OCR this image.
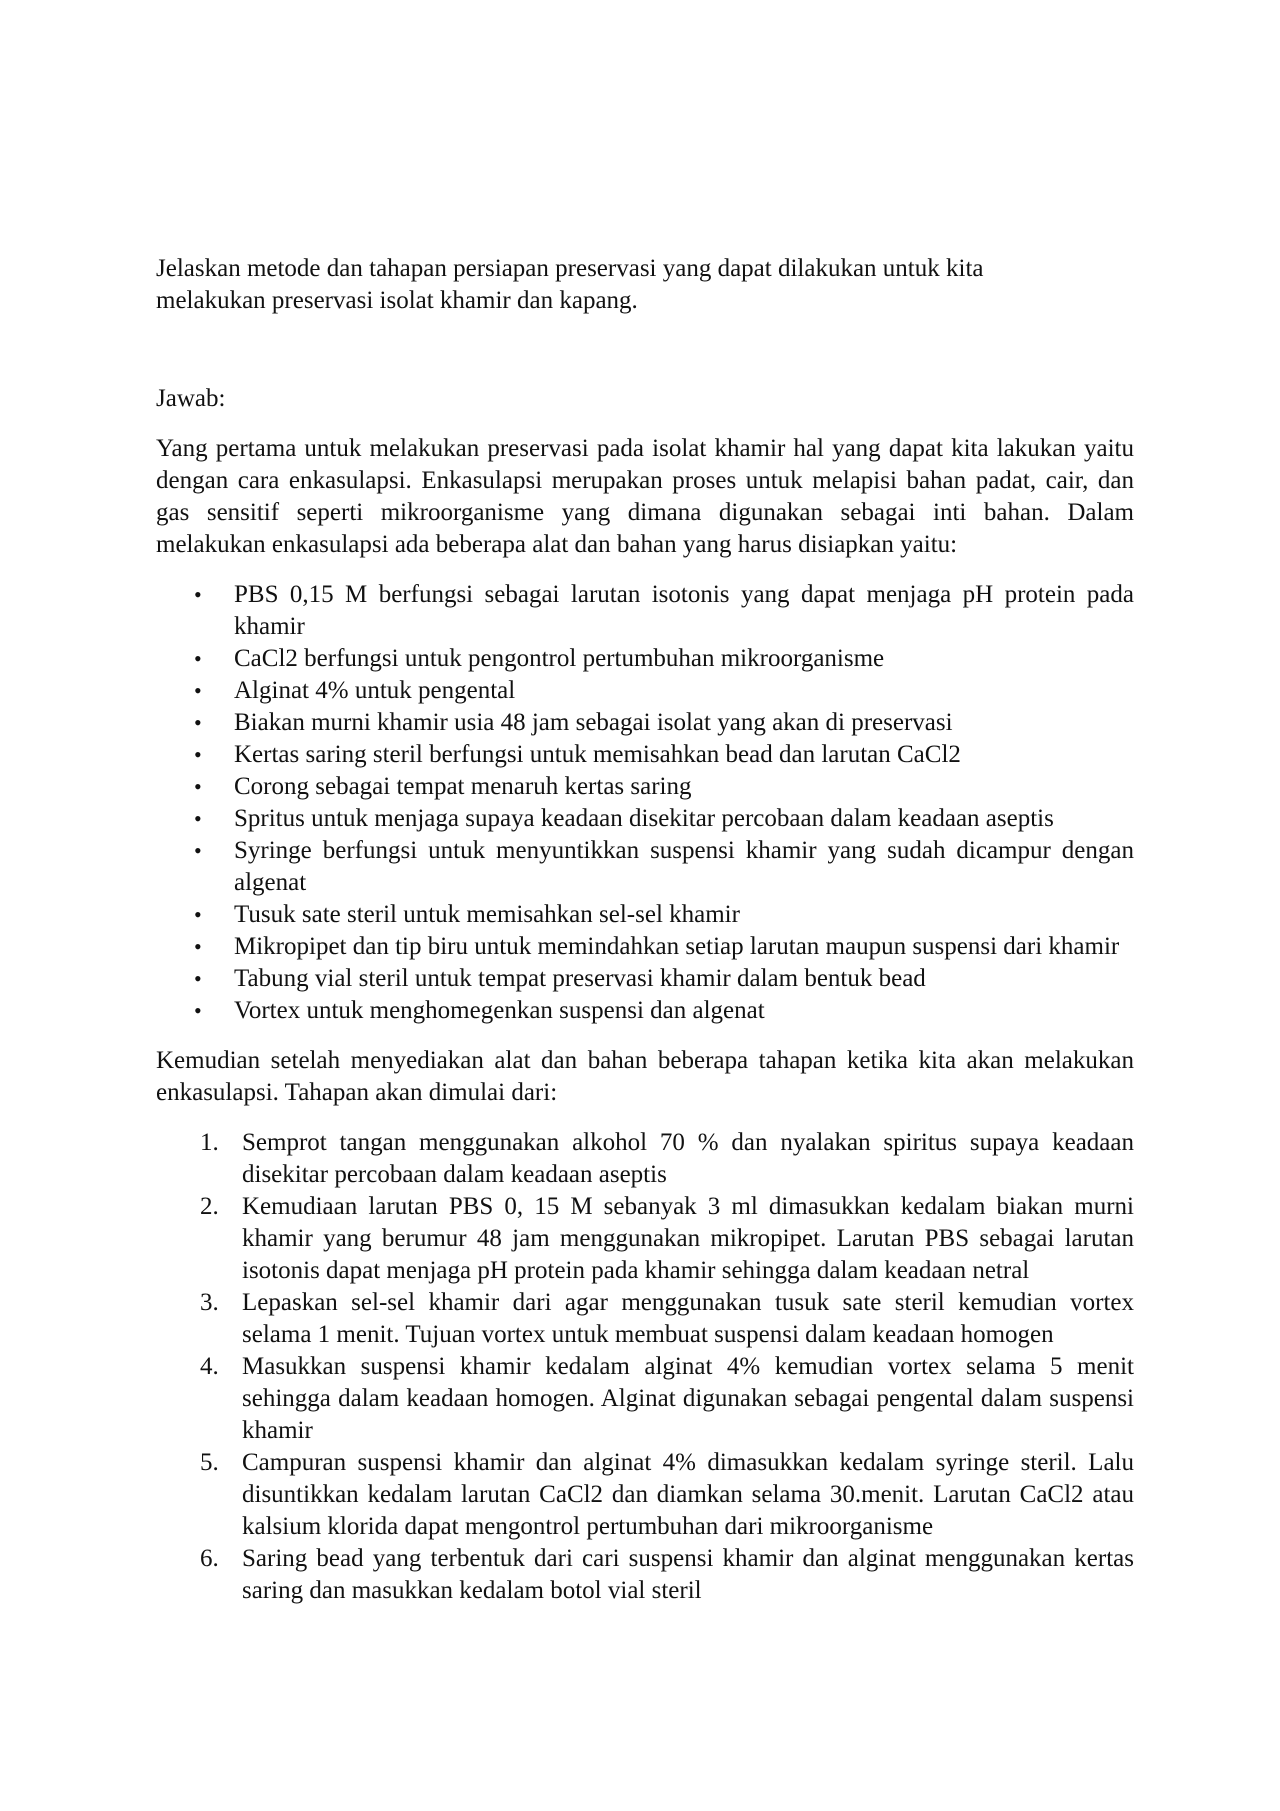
Jelaskan metode dan tahapan persiapan preservasi yang dapat dilakukan untuk kita melakukan preservasi isolat khamir dan kapang.

Jawab:

Yang pertama untuk melakukan preservasi pada isolat khamir hal yang dapat kita lakukan yaitu dengan cara enkasulapsi. Enkasulapsi merupakan proses untuk melapisi bahan padat, cair, dan gas sensitif seperti mikroorganisme yang dimana digunakan sebagai inti bahan. Dalam melakukan enkasulapsi ada beberapa alat dan bahan yang harus disiapkan yaitu:

• PBS 0,15 M berfungsi sebagai larutan isotonis yang dapat menjaga pH protein pada khamir
• CaCl2 berfungsi untuk pengontrol pertumbuhan mikroorganisme
• Alginat 4% untuk pengental
• Biakan murni khamir usia 48 jam sebagai isolat yang akan di preservasi
• Kertas saring steril berfungsi untuk memisahkan bead dan larutan CaCl2
• Corong sebagai tempat menaruh kertas saring
• Spritus untuk menjaga supaya keadaan disekitar percobaan dalam keadaan aseptis
• Syringe berfungsi untuk menyuntikkan suspensi khamir yang sudah dicampur dengan algenat
• Tusuk sate steril untuk memisahkan sel-sel khamir
• Mikropipet dan tip biru untuk memindahkan setiap larutan maupun suspensi dari khamir
• Tabung vial steril untuk tempat preservasi khamir dalam bentuk bead
• Vortex untuk menghomegenkan suspensi dan algenat

Kemudian setelah menyediakan alat dan bahan beberapa tahapan ketika kita akan melakukan enkasulapsi. Tahapan akan dimulai dari:

1. Semprot tangan menggunakan alkohol 70 % dan nyalakan spiritus supaya keadaan disekitar percobaan dalam keadaan aseptis
2. Kemudiaan larutan PBS 0, 15 M sebanyak 3 ml dimasukkan kedalam biakan murni khamir yang berumur 48 jam menggunakan mikropipet. Larutan PBS sebagai larutan isotonis dapat menjaga pH protein pada khamir sehingga dalam keadaan netral
3. Lepaskan sel-sel khamir dari agar menggunakan tusuk sate steril kemudian vortex selama 1 menit. Tujuan vortex untuk membuat suspensi dalam keadaan homogen
4. Masukkan suspensi khamir kedalam alginat 4% kemudian vortex selama 5 menit sehingga dalam keadaan homogen. Alginat digunakan sebagai pengental dalam suspensi khamir
5. Campuran suspensi khamir dan alginat 4% dimasukkan kedalam syringe steril. Lalu disuntikkan kedalam larutan CaCl2 dan diamkan selama 30.menit. Larutan CaCl2 atau kalsium klorida dapat mengontrol pertumbuhan dari mikroorganisme
6. Saring bead yang terbentuk dari cari suspensi khamir dan alginat menggunakan kertas saring dan masukkan kedalam botol vial steril
